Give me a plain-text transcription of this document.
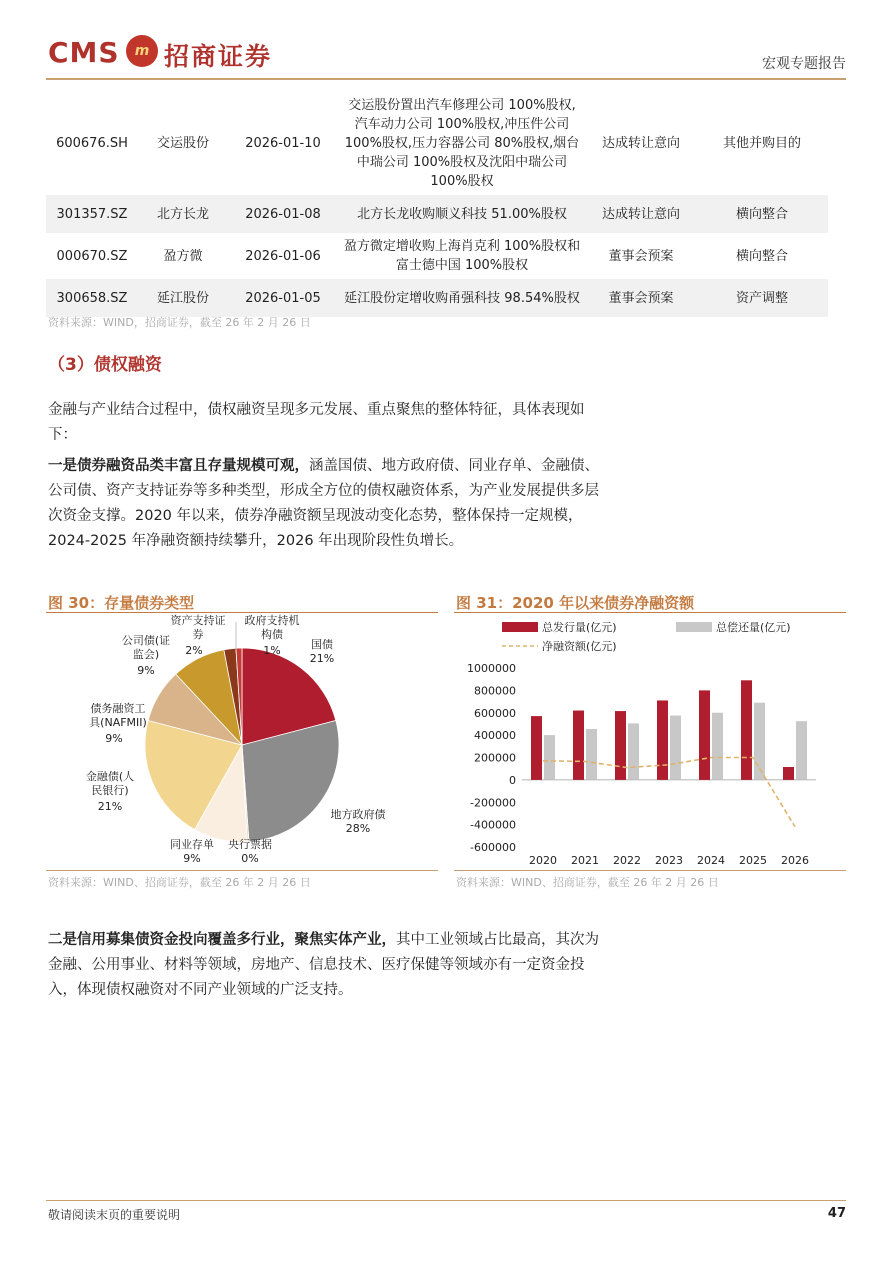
CMS	m 招商证券	宏观专题报告
600676.SH	交运股份	2026-01-10	交运股份置出汽车修理公司 100%股权,汽车动力公司 100%股权,冲压件公司 100%股权,压力容器公司 80%股权,烟台中瑞公司 100%股权及沈阳中瑞公司 100%股权	达成转让意向	其他并购目的
301357.SZ	北方长龙	2026-01-08	北方长龙收购顺义科技 51.00%股权	达成转让意向	横向整合
000670.SZ	盈方微	2026-01-06	盈方微定增收购上海肖克利 100%股权和富士德中国 100%股权	董事会预案	横向整合
300658.SZ	延江股份	2026-01-05	延江股份定增收购甬强科技 98.54%股权	董事会预案	资产调整
资料来源：WIND，招商证券，截至 26 年 2 月 26 日
（3）债权融资
金融与产业结合过程中，债权融资呈现多元发展、重点聚焦的整体特征，具体表现如下：
一是债券融资品类丰富且存量规模可观，涵盖国债、地方政府债、同业存单、金融债、公司债、资产支持证券等多种类型，形成全方位的债权融资体系，为产业发展提供多层次资金支撑。2020 年以来，债券净融资额呈现波动变化态势，整体保持一定规模，2024-2025 年净融资额持续攀升，2026 年出现阶段性负增长。
图 30：存量债券类型
国债
21%
地方政府债
28%
央行票据
0%
同业存单
9%
金融债(人
民银行)
21%
债务融资工
具(NAFMII)
9%
公司债(证
监会)
9%
资产支持证
券
2%
政府支持机
构债
1%
资料来源：WIND、招商证券，截至 26 年 2 月 26 日
图 31：2020 年以来债券净融资额
总发行量(亿元)	总偿还量(亿元)
净融资额(亿元)
1000000
800000
600000
400000
200000
0
-200000
-400000
-600000
2020 2021 2022 2023 2024 2025 2026
资料来源：WIND、招商证券，截至 26 年 2 月 26 日
二是信用募集债资金投向覆盖多行业，聚焦实体产业，其中工业领域占比最高，其次为金融、公用事业、材料等领域，房地产、信息技术、医疗保健等领域亦有一定资金投入，体现债权融资对不同产业领域的广泛支持。
敬请阅读末页的重要说明	47
